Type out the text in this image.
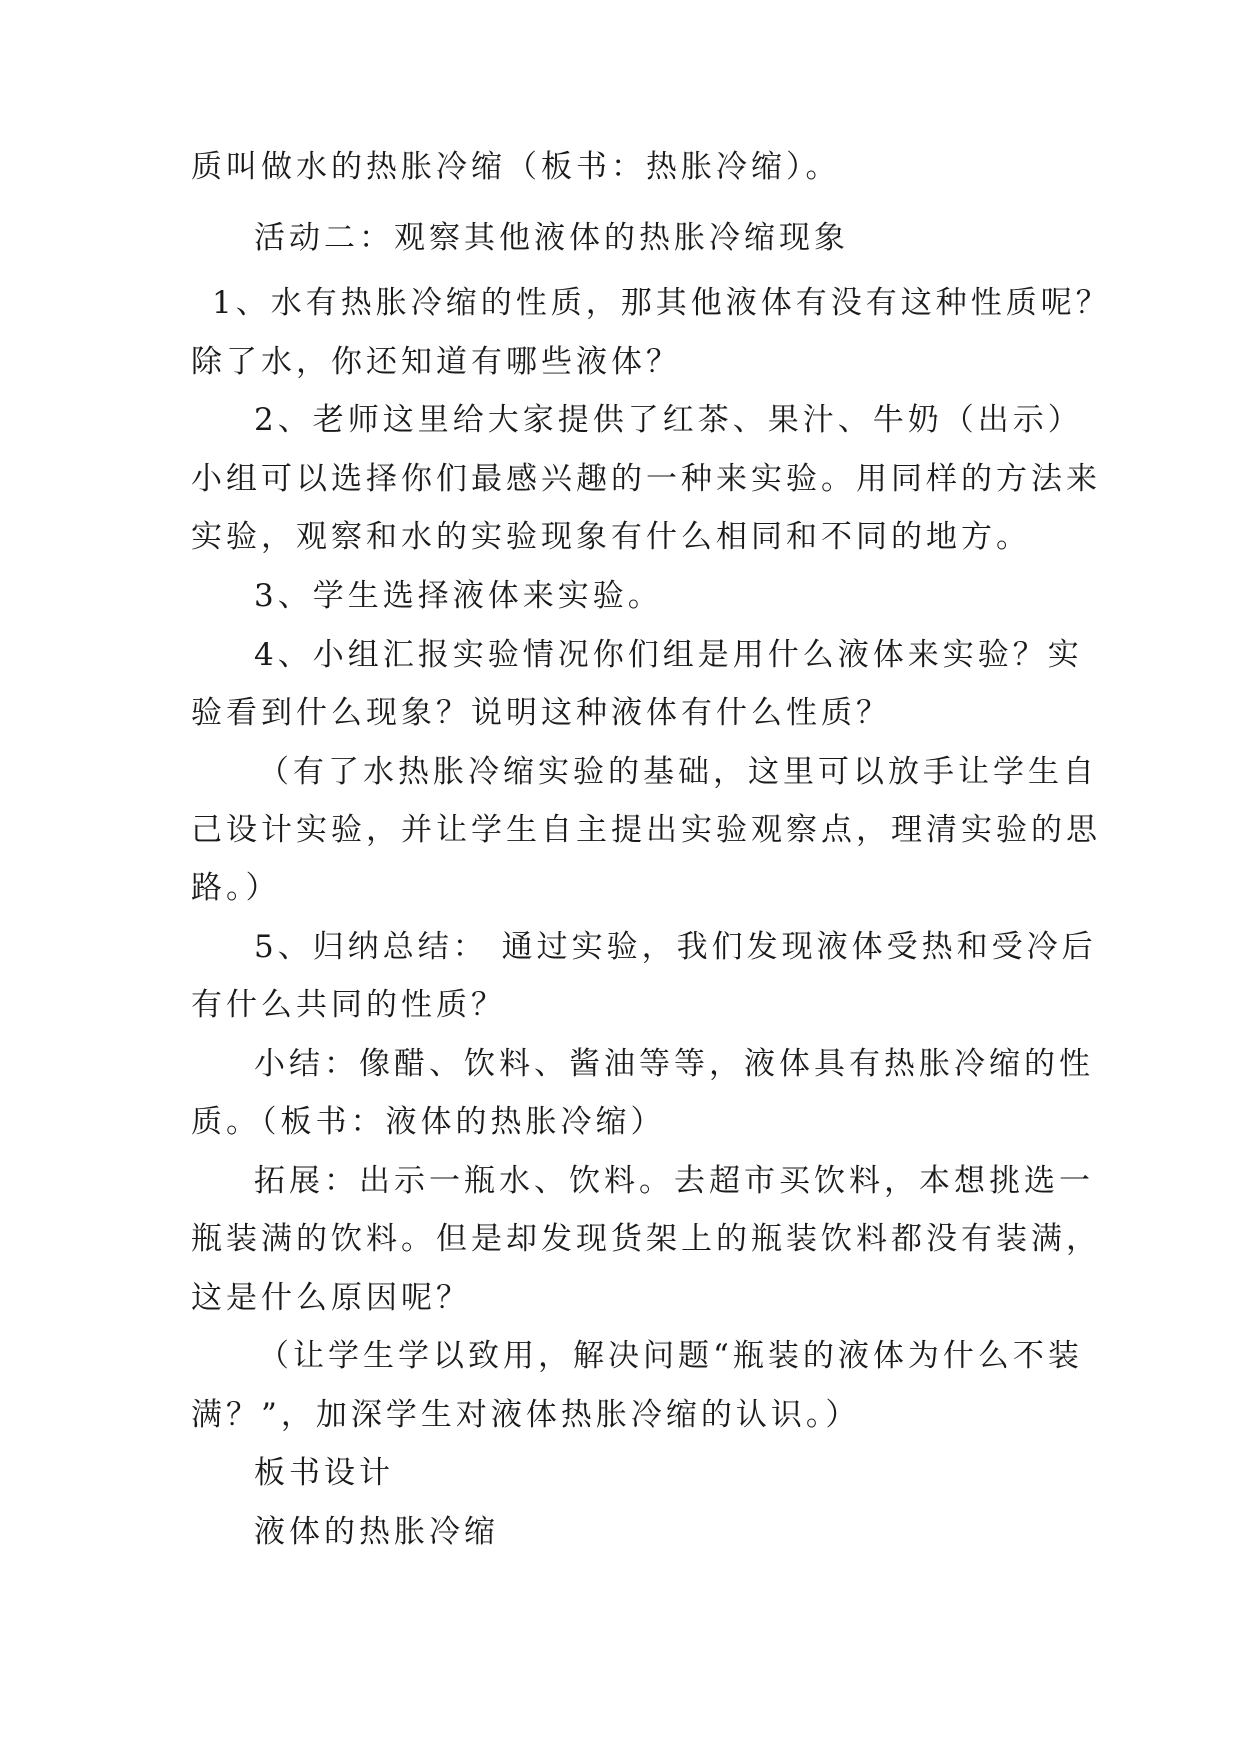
质叫做水的热胀冷缩（板书：热胀冷缩）。
活动二：观察其他液体的热胀冷缩现象
1、水有热胀冷缩的性质，那其他液体有没有这种性质呢？
除了水，你还知道有哪些液体？
2、老师这里给大家提供了红茶、果汁、牛奶（出示）
小组可以选择你们最感兴趣的一种来实验。用同样的方法来
实验，观察和水的实验现象有什么相同和不同的地方。
3、学生选择液体来实验。
4、小组汇报实验情况你们组是用什么液体来实验？实
验看到什么现象？说明这种液体有什么性质？
（有了水热胀冷缩实验的基础，这里可以放手让学生自
己设计实验，并让学生自主提出实验观察点，理清实验的思
路。）
5、归纳总结： 通过实验，我们发现液体受热和受冷后
有什么共同的性质？
小结：像醋、饮料、酱油等等，液体具有热胀冷缩的性
质。（板书：液体的热胀冷缩）
拓展：出示一瓶水、饮料。去超市买饮料，本想挑选一
瓶装满的饮料。但是却发现货架上的瓶装饮料都没有装满，
这是什么原因呢？
（让学生学以致用，解决问题“瓶装的液体为什么不装
满？”，加深学生对液体热胀冷缩的认识。）
板书设计
液体的热胀冷缩
